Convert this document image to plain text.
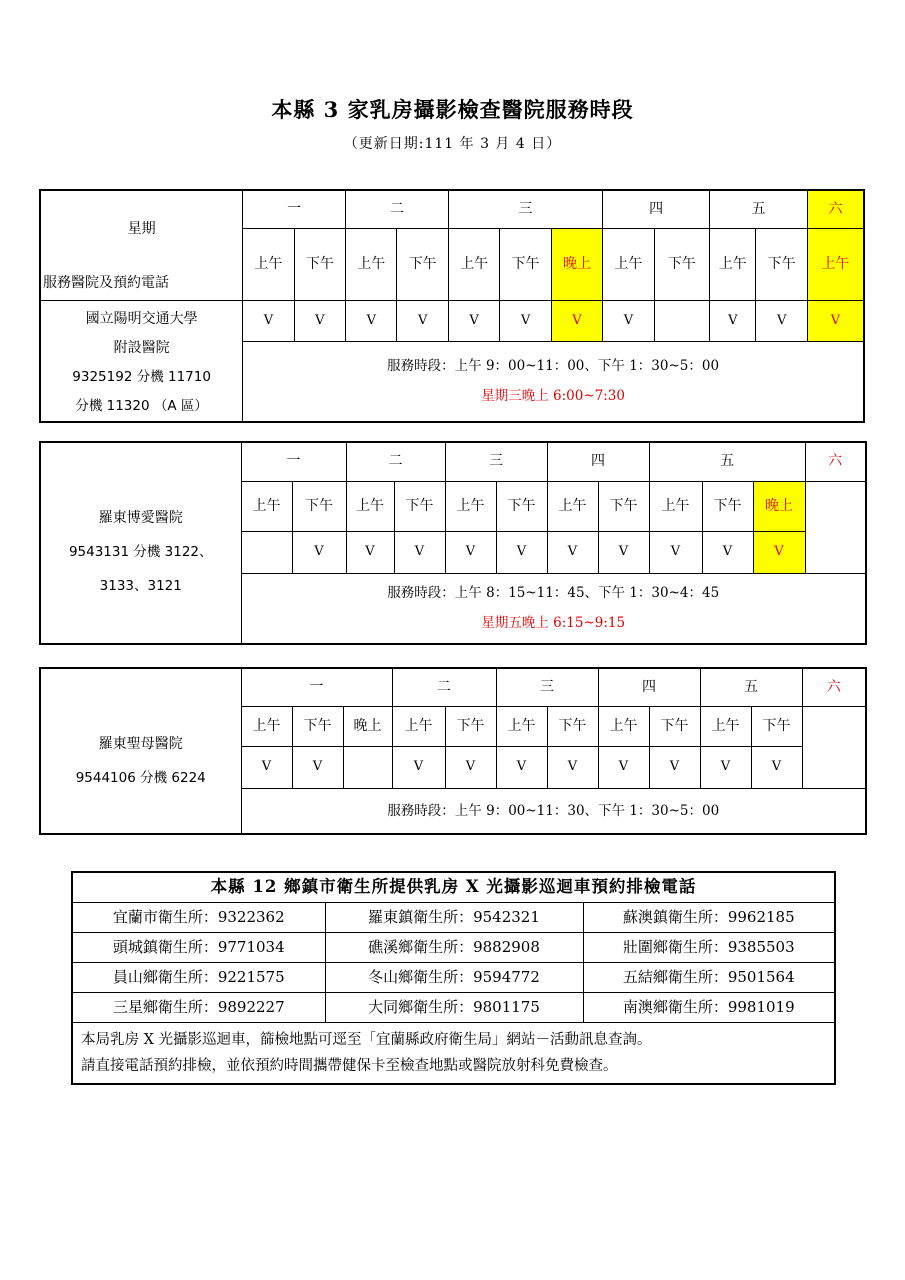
本縣 3 家乳房攝影檢查醫院服務時段
（更新日期:111 年 3 月 4 日）
星期
服務醫院及預約電話	一		二		三			四		五		六
	上午	下午	上午	下午	上午	下午	晚上	上午	下午	上午	下午	上午

國立陽明交通大學
附設醫院
9325192 分機 11710
分機 11320 （A 區）	V	V	V	V	V	V	V	V		V	V	V

	服務時段：上午 9：00~11：00、下午 1：30~5：00
星期三晚上 6:00~7:30											
羅東博愛醫院
9543131 分機 3122、
3133、3121	一		二		三		四		五			六
	上午	下午	上午	下午	上午	下午	上午	下午	上午	下午	晚上	
		V	V	V	V	V	V	V	V	V	V	

	服務時段：上午 8：15~11：45、下午 1：30~4：45
星期五晚上 6:15~9:15											
羅東聖母醫院
9544106 分機 6224	一			二		三		四		五		六
	上午	下午	晚上	上午	下午	上午	下午	上午	下午	上午	下午	
	V	V		V	V	V	V	V	V	V	V	

	服務時段：上午 9：00~11：30、下午 1：30~5：00											
本縣 12 鄉鎮市衛生所提供乳房 X 光攝影巡迴車預約排檢電話		
宜蘭市衛生所：9322362	羅東鎮衛生所：9542321	蘇澳鎮衛生所：9962185
頭城鎮衛生所：9771034	礁溪鄉衛生所：9882908	壯圍鄉衛生所：9385503
員山鄉衛生所：9221575	冬山鄉衛生所：9594772	五結鄉衛生所：9501564
三星鄉衛生所：9892227	大同鄉衛生所：9801175	南澳鄉衛生所：9981019

本局乳房 X 光攝影巡迴車，篩檢地點可逕至「宜蘭縣政府衛生局」網站－活動訊息查詢。
請直接電話預約排檢，並依預約時間攜帶健保卡至檢查地點或醫院放射科免費檢查。		
